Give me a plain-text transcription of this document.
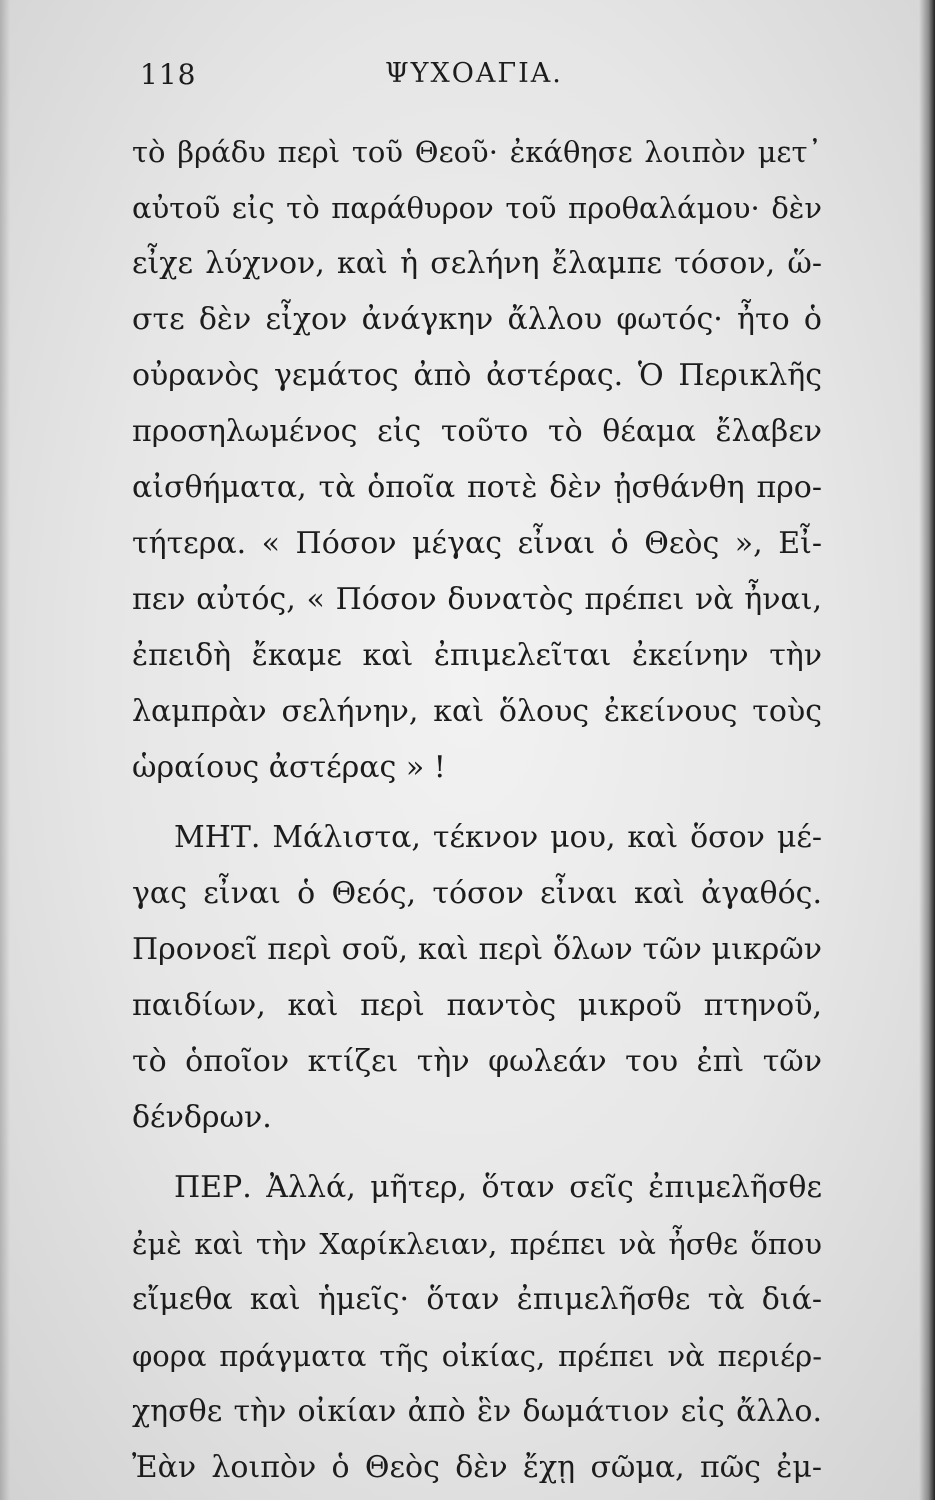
118	ΨΥΧΟΑΓΙΑ.
τὸ βράδυ περὶ τοῦ Θεοῦ· ἐκάθησε λοιπὸν μετ᾽
αὐτοῦ εἰς τὸ παράθυρον τοῦ προθαλάμου· δὲν
εἶχε λύχνον, καὶ ἡ σελήνη ἔλαμπε τόσον, ὥ-
στε δὲν εἶχον ἀνάγκην ἄλλου φωτός· ἦτο ὁ
οὐρανὸς γεμάτος ἀπὸ ἀστέρας. Ὁ Περικλῆς
προσηλωμένος εἰς τοῦτο τὸ θέαμα ἔλαβεν
αἰσθήματα, τὰ ὁποῖα ποτὲ δὲν ᾐσθάνθη προ-
τήτερα. « Πόσον μέγας εἶναι ὁ Θεὸς », Εἶ-
πεν αὐτός, « Πόσον δυνατὸς πρέπει νὰ ἦναι,
ἐπειδὴ ἔκαμε καὶ ἐπιμελεῖται ἐκείνην τὴν
λαμπρὰν σελήνην, καὶ ὅλους ἐκείνους τοὺς
ὡραίους ἀστέρας » !
ΜΗΤ. Μάλιστα, τέκνον μου, καὶ ὅσον μέ-
γας εἶναι ὁ Θεός, τόσον εἶναι καὶ ἀγαθός.
Προνοεῖ περὶ σοῦ, καὶ περὶ ὅλων τῶν μικρῶν
παιδίων, καὶ περὶ παντὸς μικροῦ πτηνοῦ,
τὸ ὁποῖον κτίζει τὴν φωλεάν του ἐπὶ τῶν
δένδρων.
ΠΕΡ. Ἀλλά, μῆτερ, ὅταν σεῖς ἐπιμελῆσθε
ἐμὲ καὶ τὴν Χαρίκλειαν, πρέπει νὰ ἦσθε ὅπου
εἴμεθα καὶ ἡμεῖς· ὅταν ἐπιμελῆσθε τὰ διά-
φορα πράγματα τῆς οἰκίας, πρέπει νὰ περιέρ-
χησθε τὴν οἰκίαν ἀπὸ ἓν δωμάτιον εἰς ἄλλο.
Ἐὰν λοιπὸν ὁ Θεὸς δὲν ἔχῃ σῶμα, πῶς ἐμ-
